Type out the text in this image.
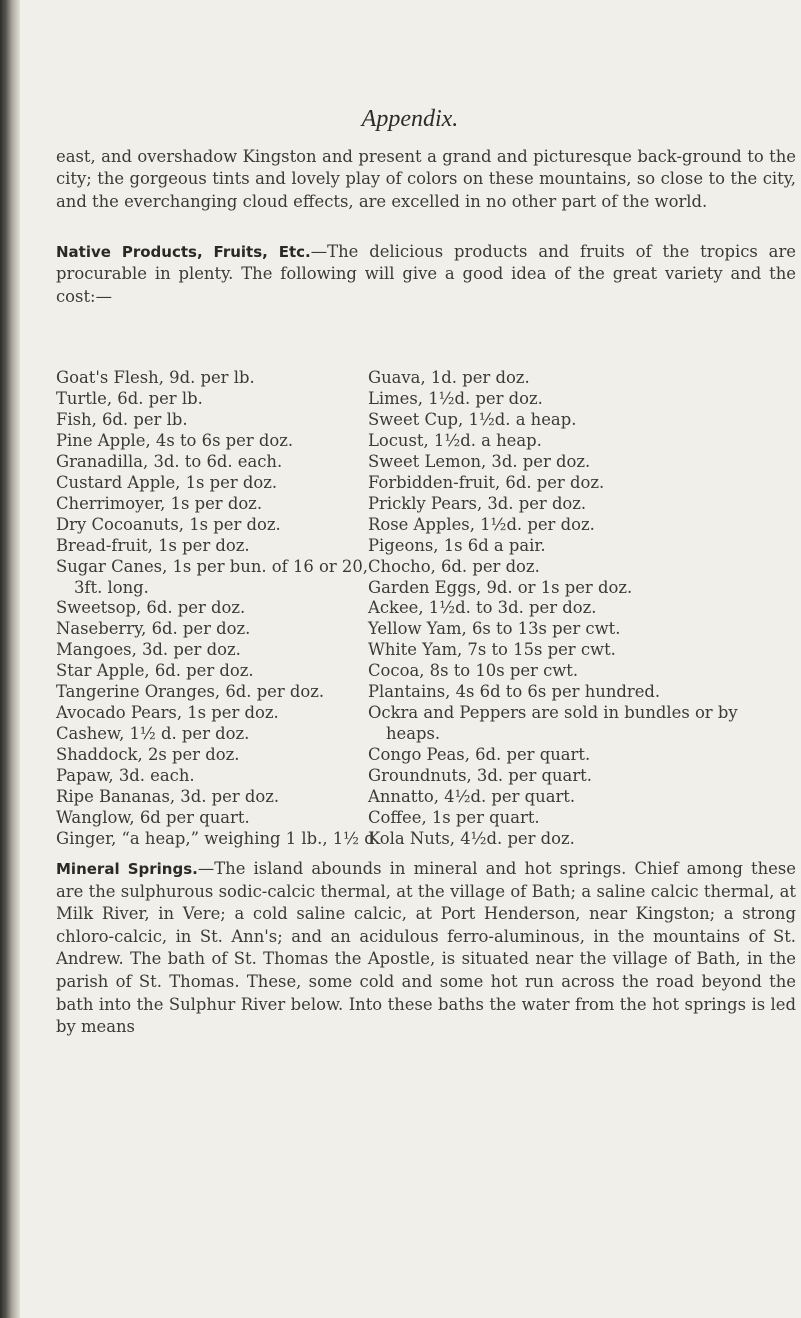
Appendix.

east, and overshadow Kingston and present a grand and picturesque back-ground to the city; the gorgeous tints and lovely play of colors on these mountains, so close to the city, and the everchanging cloud effects, are excelled in no other part of the world.

Native Products, Fruits, Etc.—The delicious products and fruits of the tropics are procurable in plenty. The following will give a good idea of the great variety and the cost:—

Goat's Flesh, 9d. per lb.
Turtle, 6d. per lb.
Fish, 6d. per lb.
Pine Apple, 4s to 6s per doz.
Granadilla, 3d. to 6d. each.
Custard Apple, 1s per doz.
Cherrimoyer, 1s per doz.
Dry Cocoanuts, 1s per doz.
Bread-fruit, 1s per doz.
Sugar Canes, 1s per bun. of 16 or 20, 3ft. long.
Sweetsop, 6d. per doz.
Naseberry, 6d. per doz.
Mangoes, 3d. per doz.
Star Apple, 6d. per doz.
Tangerine Oranges, 6d. per doz.
Avocado Pears, 1s per doz.
Cashew, 1½ d. per doz.
Shaddock, 2s per doz.
Papaw, 3d. each.
Ripe Bananas, 3d. per doz.
Wanglow, 6d per quart.
Ginger, “a heap,” weighing 1 lb., 1½ d.
Guava, 1d. per doz.
Limes, 1½d. per doz.
Sweet Cup, 1½d. a heap.
Locust, 1½d. a heap.
Sweet Lemon, 3d. per doz.
Forbidden-fruit, 6d. per doz.
Prickly Pears, 3d. per doz.
Rose Apples, 1½d. per doz.
Pigeons, 1s 6d a pair.
Chocho, 6d. per doz.
Garden Eggs, 9d. or 1s per doz.
Ackee, 1½d. to 3d. per doz.
Yellow Yam, 6s to 13s per cwt.
White Yam, 7s to 15s per cwt.
Cocoa, 8s to 10s per cwt.
Plantains, 4s 6d to 6s per hundred.
Ockra and Peppers are sold in bundles or by heaps.
Congo Peas, 6d. per quart.
Groundnuts, 3d. per quart.
Annatto, 4½d. per quart.
Coffee, 1s per quart.
Kola Nuts, 4½d. per doz.

Mineral Springs.—The island abounds in mineral and hot springs. Chief among these are the sulphurous sodic-calcic thermal, at the village of Bath; a saline calcic thermal, at Milk River, in Vere; a cold saline calcic, at Port Henderson, near Kingston; a strong chloro-calcic, in St. Ann's; and an acidulous ferro-aluminous, in the mountains of St. Andrew. The bath of St. Thomas the Apostle, is situated near the village of Bath, in the parish of St. Thomas. These, some cold and some hot run across the road beyond the bath into the Sulphur River below. Into these baths the water from the hot springs is led by means
